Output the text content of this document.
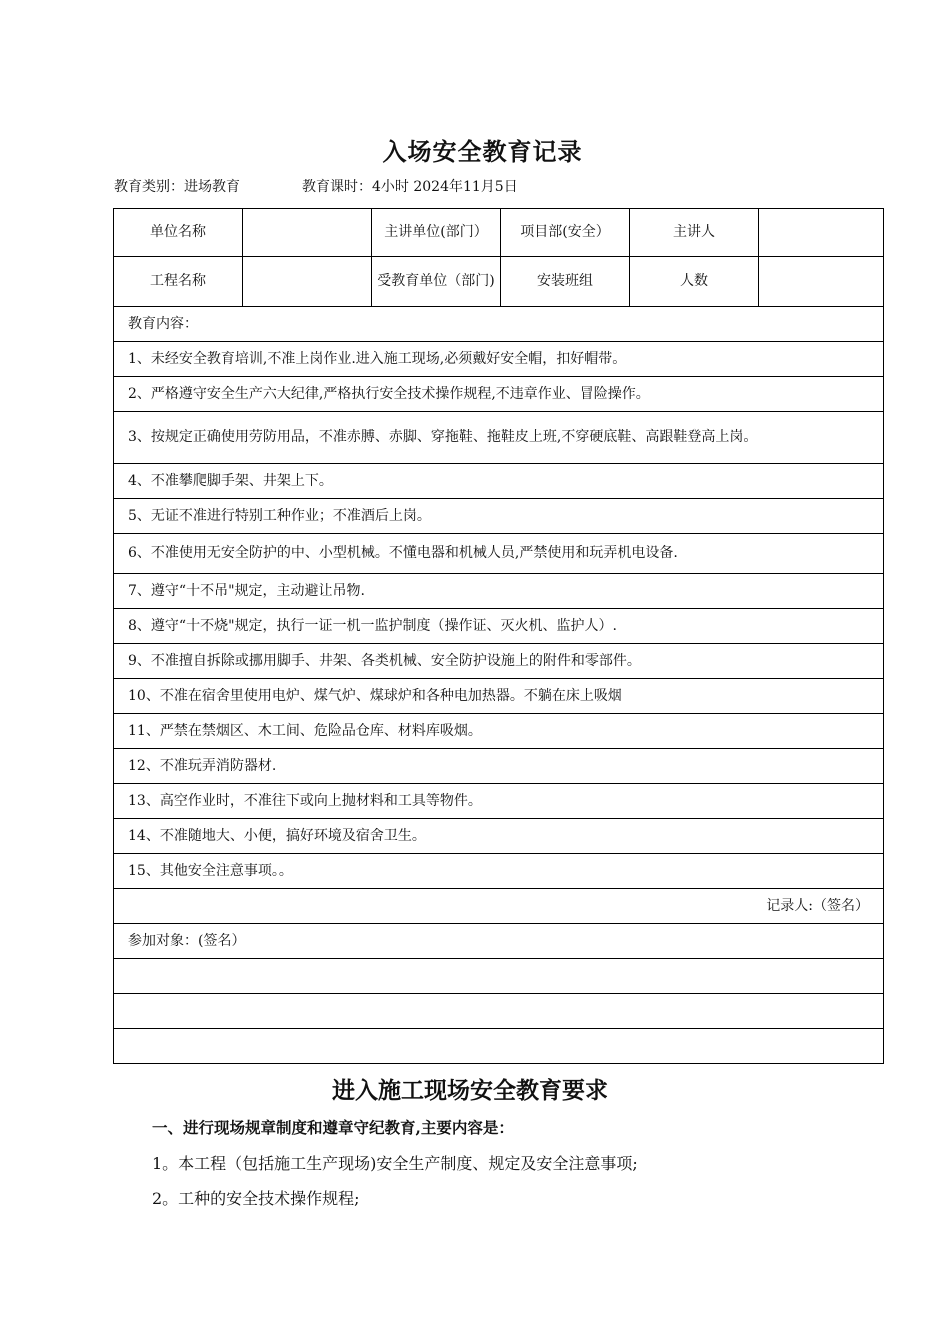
入场安全教育记录
教育类别：进场教育	教育课时：4小时 2024年11月5日
单位名称		主讲单位(部门）	项目部(安全）	主讲人	
工程名称		受教育单位（部门)	安装班组	人数	
教育内容：					
1、未经安全教育培训,不准上岗作业.进入施工现场,必须戴好安全帽，扣好帽带。					
2、严格遵守安全生产六大纪律,严格执行安全技术操作规程,不违章作业、冒险操作。					
3、按规定正确使用劳防用品，不准赤膊、赤脚、穿拖鞋、拖鞋皮上班,不穿硬底鞋、高跟鞋登高上岗。					
4、不准攀爬脚手架、井架上下。					
5、无证不准进行特别工种作业；不准酒后上岗。					
6、不准使用无安全防护的中、小型机械。不懂电器和机械人员,严禁使用和玩弄机电设备.					
7、遵守“十不吊"规定，主动避让吊物.					
8、遵守“十不烧"规定，执行一证一机一监护制度（操作证、灭火机、监护人）.					
9、不准擅自拆除或挪用脚手、井架、各类机械、安全防护设施上的附件和零部件。					
10、不准在宿舍里使用电炉、煤气炉、煤球炉和各种电加热器。不躺在床上吸烟					
11、严禁在禁烟区、木工间、危险品仓库、材料库吸烟。					
12、不准玩弄消防器材.					
13、高空作业时，不准往下或向上抛材料和工具等物件。					
14、不准随地大、小便，搞好环境及宿舍卫生。					
15、其他安全注意事项。。					
记录人:（签名）					
参加对象：(签名）					

进入施工现场安全教育要求
一、进行现场规章制度和遵章守纪教育,主要内容是：
1。本工程（包括施工生产现场)安全生产制度、规定及安全注意事项;
2。工种的安全技术操作规程;
